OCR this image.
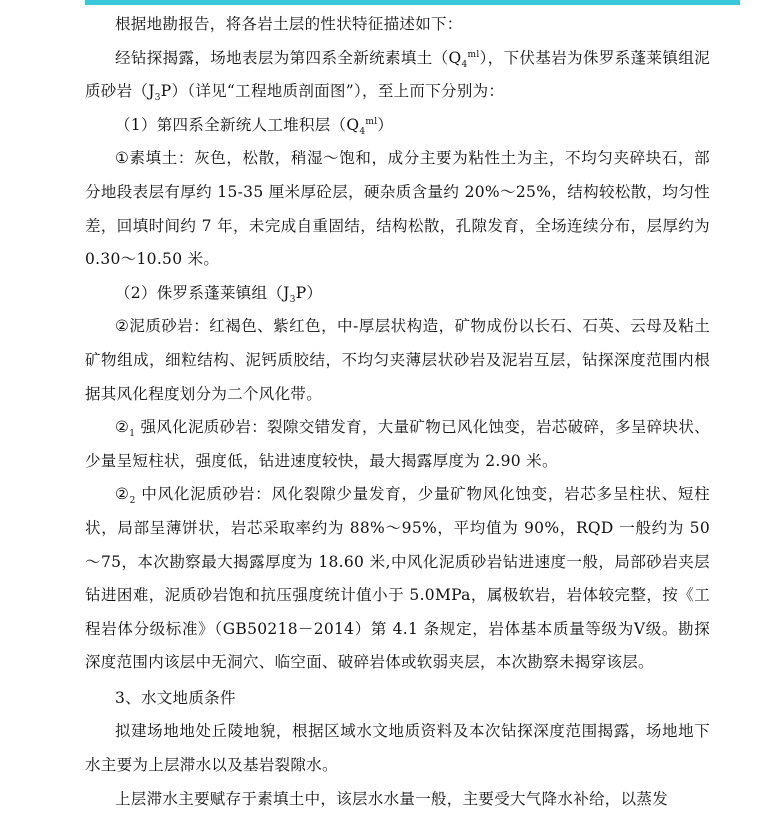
根据地勘报告，将各岩土层的性状特征描述如下：

经钻探揭露，场地表层为第四系全新统素填土$(Q_4^{ml})$，下伏基岩为侏罗系蓬莱镇组泥质砂岩$(J_3P)$（详见“工程地质剖面图”），至上而下分别为：

（1）第四系全新统人工堆积层$(Q_4^{ml})$

①素填土：灰色，松散，稍湿～饱和，成分主要为粘性土为主，不均匀夹碎块石，部分地段表层有厚约 15-35 厘米厚砼层，硬杂质含量约 20%～25%，结构较松散，均匀性差，回填时间约 7 年，未完成自重固结，结构松散，孔隙发育，全场连续分布，层厚约为 0.30～10.50 米。

（2）侏罗系蓬莱镇组$(J_3P)$

②泥质砂岩：红褐色、紫红色，中-厚层状构造，矿物成份以长石、石英、云母及粘土矿物组成，细粒结构、泥钙质胶结，不均匀夹薄层状砂岩及泥岩互层，钻探深度范围内根据其风化程度划分为二个风化带。

$②_1$ 强风化泥质砂岩：裂隙交错发育，大量矿物已风化蚀变，岩芯破碎，多呈碎块状、少量呈短柱状，强度低，钻进速度较快，最大揭露厚度为 2.90 米。

$②_2$ 中风化泥质砂岩：风化裂隙少量发育，少量矿物风化蚀变，岩芯多呈柱状、短柱状，局部呈薄饼状，岩芯采取率约为 88%～95%，平均值为 90%，RQD 一般约为 50～75，本次勘察最大揭露厚度为 18.60 米,中风化泥质砂岩钻进速度一般，局部砂岩夹层钻进困难，泥质砂岩饱和抗压强度统计值小于 5.0MPa，属极软岩，岩体较完整，按《工程岩体分级标准》（GB50218－2014）第 4.1 条规定，岩体基本质量等级为Ⅴ级。勘探深度范围内该层中无洞穴、临空面、破碎岩体或软弱夹层，本次勘察未揭穿该层。

3、水文地质条件

拟建场地地处丘陵地貌，根据区域水文地质资料及本次钻探深度范围揭露，场地地下水主要为上层滞水以及基岩裂隙水。

上层滞水主要赋存于素填土中，该层水水量一般，主要受大气降水补给，以蒸发
